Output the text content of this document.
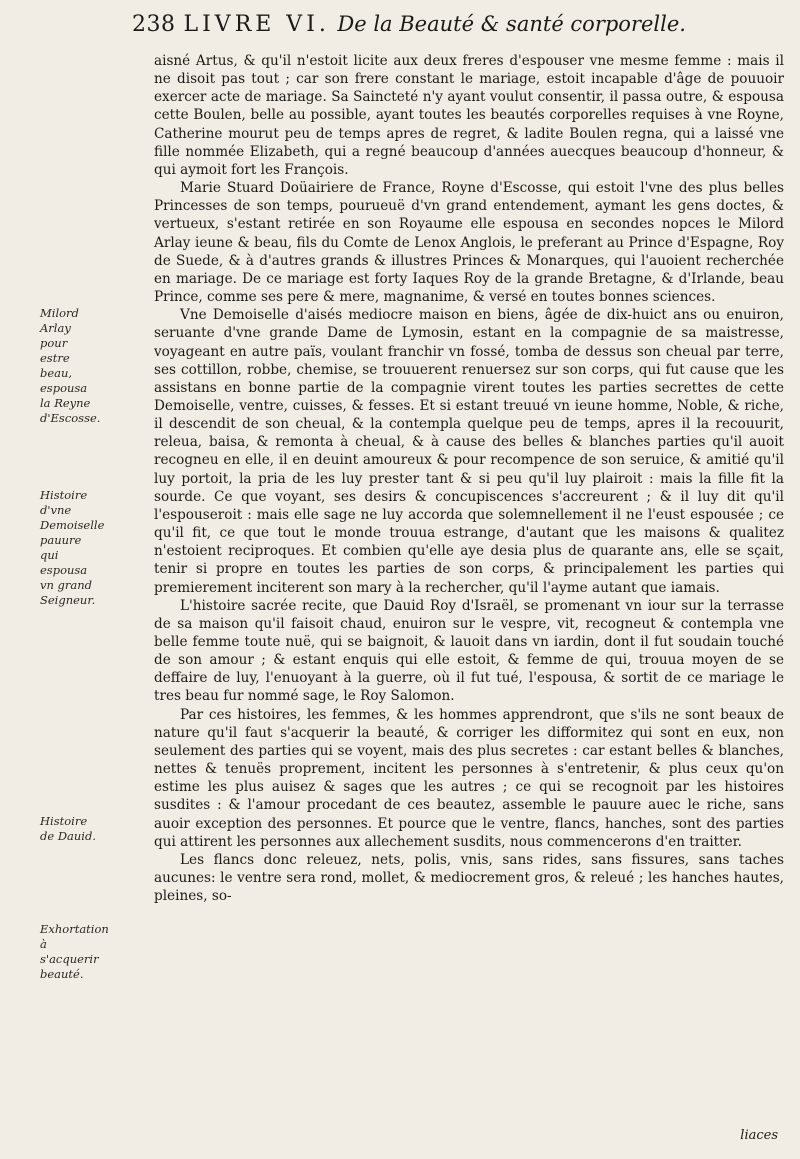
238 LIVRE VI. De la Beauté & santé corporelle.
Milord Arlay pour estre beau, espousa la Reyne d'Escosse.
Histoire d'vne Demoiselle pauure qui espousa vn grand Seigneur.
Histoire de Dauid.
Exhortation à s'acquerir beauté.

aisné Artus, & qu'il n'estoit licite aux deux freres d'espouser vne mesme femme : mais il ne disoit pas tout ; car son frere constant le mariage, estoit incapable d'âge de pouuoir exercer acte de mariage. Sa Saincteté n'y ayant voulut consentir, il passa outre, & espousa cette Boulen, belle au possible, ayant toutes les beautés corporelles requises à vne Royne, Catherine mourut peu de temps apres de regret, & ladite Boulen regna, qui a laissé vne fille nommée Elizabeth, qui a regné beaucoup d'années auecques beaucoup d'honneur, & qui aymoit fort les François.

Marie Stuard Doüairiere de France, Royne d'Escosse, qui estoit l'vne des plus belles Princesses de son temps, pourueuë d'vn grand entendement, aymant les gens doctes, & vertueux, s'estant retirée en son Royaume elle espousa en secondes nopces le Milord Arlay ieune & beau, fils du Comte de Lenox Anglois, le preferant au Prince d'Espagne, Roy de Suede, & à d'autres grands & illustres Princes & Monarques, qui l'auoient recherchée en mariage. De ce mariage est forty Iaques Roy de la grande Bretagne, & d'Irlande, beau Prince, comme ses pere & mere, magnanime, & versé en toutes bonnes sciences.

Vne Demoiselle d'aisés mediocre maison en biens, âgée de dix-huict ans ou enuiron, seruante d'vne grande Dame de Lymosin, estant en la compagnie de sa maistresse, voyageant en autre païs, voulant franchir vn fossé, tomba de dessus son cheual par terre, ses cottillon, robbe, chemise, se trouuerent renuersez sur son corps, qui fut cause que les assistans en bonne partie de la compagnie virent toutes les parties secrettes de cette Demoiselle, ventre, cuisses, & fesses. Et si estant treuué vn ieune homme, Noble, & riche, il descendit de son cheual, & la contempla quelque peu de temps, apres il la recouurit, releua, baisa, & remonta à cheual, & à cause des belles & blanches parties qu'il auoit recogneu en elle, il en deuint amoureux & pour recompence de son seruice, & amitié qu'il luy portoit, la pria de les luy prester tant & si peu qu'il luy plairoit : mais la fille fit la sourde. Ce que voyant, ses desirs & concupiscences s'accreurent ; & il luy dit qu'il l'espouseroit : mais elle sage ne luy accorda que solemnellement il ne l'eust espousée ; ce qu'il fit, ce que tout le monde trouua estrange, d'autant que les maisons & qualitez n'estoient reciproques. Et combien qu'elle aye desia plus de quarante ans, elle se sçait, tenir si propre en toutes les parties de son corps, & principalement les parties qui premierement inciterent son mary à la rechercher, qu'il l'ayme autant que iamais.

L'histoire sacrée recite, que Dauid Roy d'Israël, se promenant vn iour sur la terrasse de sa maison qu'il faisoit chaud, enuiron sur le vespre, vit, recogneut & contempla vne belle femme toute nuë, qui se baignoit, & lauoit dans vn iardin, dont il fut soudain touché de son amour ; & estant enquis qui elle estoit, & femme de qui, trouua moyen de se deffaire de luy, l'enuoyant à la guerre, où il fut tué, l'espousa, & sortit de ce mariage le tres beau fur nommé sage, le Roy Salomon.

Par ces histoires, les femmes, & les hommes apprendront, que s'ils ne sont beaux de nature qu'il faut s'acquerir la beauté, & corriger les difformitez qui sont en eux, non seulement des parties qui se voyent, mais des plus secretes : car estant belles & blanches, nettes & tenuës proprement, incitent les personnes à s'entretenir, & plus ceux qu'on estime les plus auisez & sages que les autres ; ce qui se recognoit par les histoires susdites : & l'amour procedant de ces beautez, assemble le pauure auec le riche, sans auoir exception des personnes. Et pource que le ventre, flancs, hanches, sont des parties qui attirent les personnes aux allechement susdits, nous commencerons d'en traitter.

Les flancs donc releuez, nets, polis, vnis, sans rides, sans fissures, sans taches aucunes: le ventre sera rond, mollet, & mediocrement gros, & releué ; les hanches hautes, pleines, so-

liaces
